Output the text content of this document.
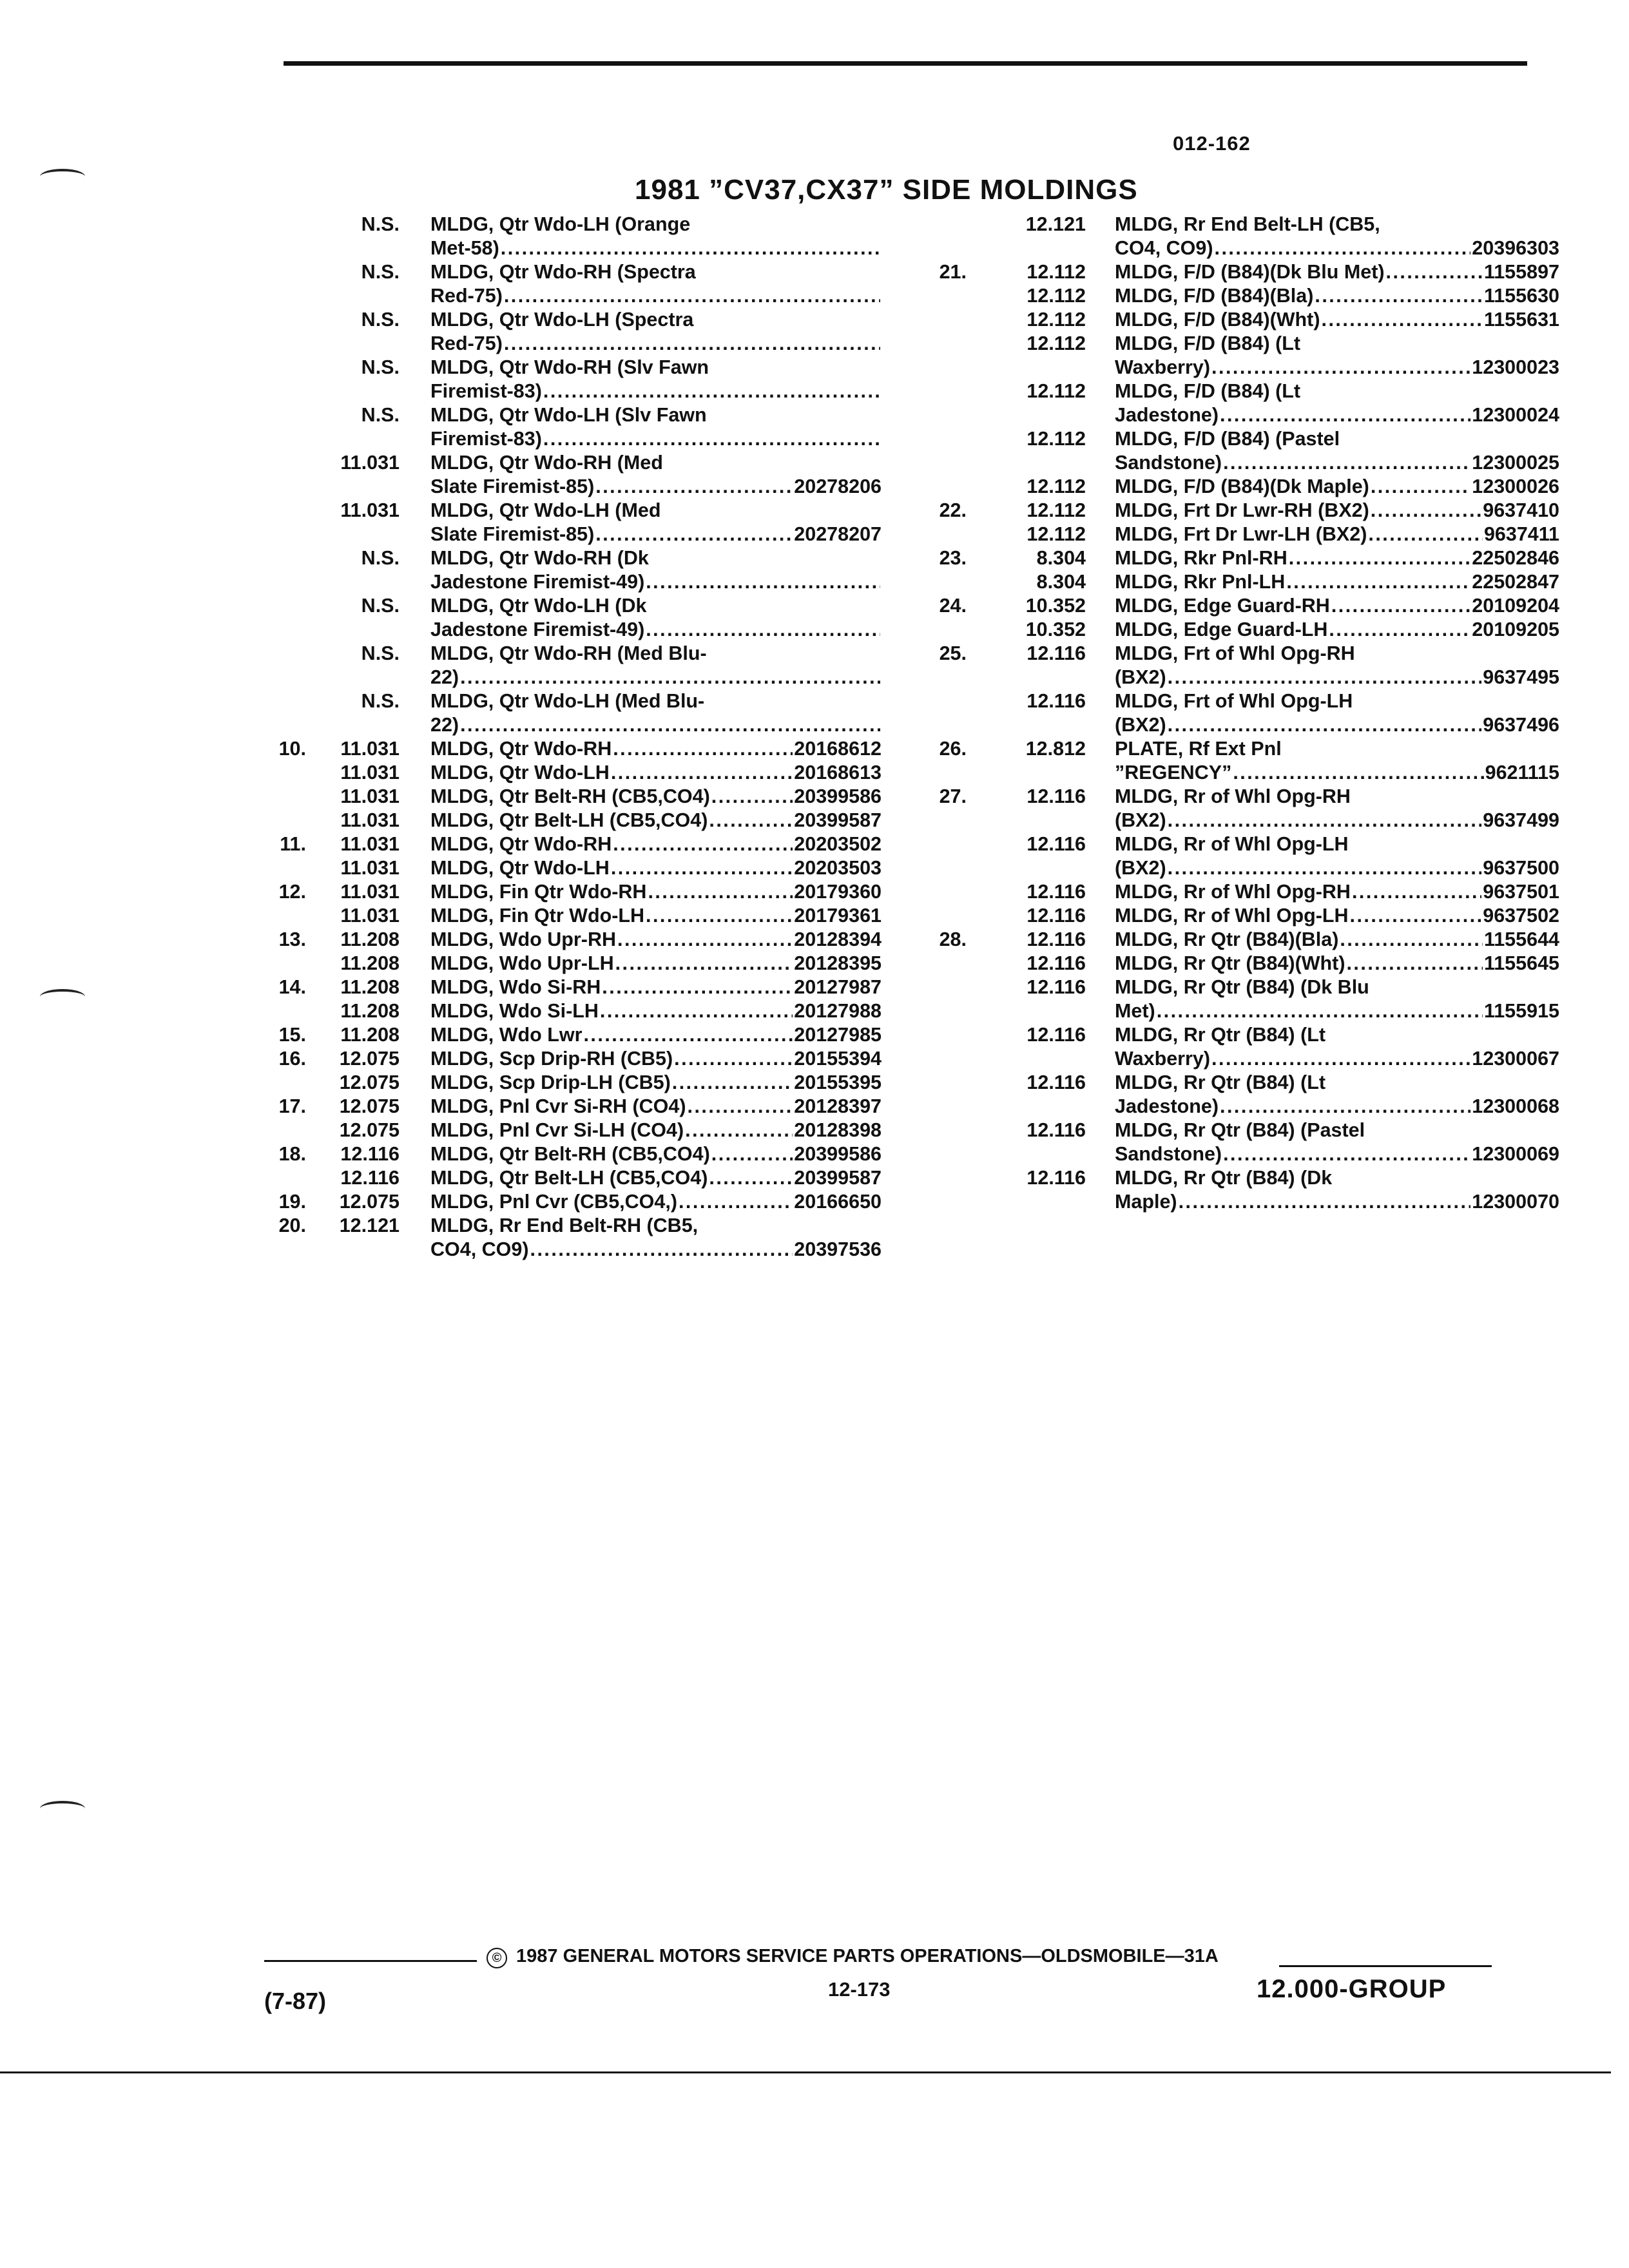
012-162
1981 ”CV37,CX37” SIDE MOLDINGS
N.S. MLDG, Qtr Wdo-LH (Orange
Met-58)
. . .
N.S. MLDG, Qtr Wdo-RH (Spectra
Red-75)
. . .
N.S. MLDG, Qtr Wdo-LH (Spectra
Red-75)
. . .
N.S. MLDG, Qtr Wdo-RH (Slv Fawn
Firemist-83)
. . .
N.S. MLDG, Qtr Wdo-LH (Slv Fawn
Firemist-83)
. . .
11.031 MLDG, Qtr Wdo-RH (Med
Slate Firemist-85) . . .	20278206
11.031 MLDG, Qtr Wdo-LH (Med
Slate Firemist-85) . . .	20278207
N.S. MLDG, Qtr Wdo-RH (Dk
Jadestone Firemist-49)
. . .
N.S. MLDG, Qtr Wdo-LH (Dk
Jadestone Firemist-49)
. . .
N.S. MLDG, Qtr Wdo-RH (Med Blu-
22)
. . .
N.S. MLDG, Qtr Wdo-LH (Med Blu-
22)
. . .
10.	11.031 MLDG, Qtr Wdo-RH . . .	20168612
11.031 MLDG, Qtr Wdo-LH . . .	20168613
11.031 MLDG, Qtr Belt-RH (CB5,CO4) . . .	20399586
11.031 MLDG, Qtr Belt-LH (CB5,CO4) . . .	20399587
11.	11.031 MLDG, Qtr Wdo-RH . . .	20203502
11.031 MLDG, Qtr Wdo-LH . . .	20203503
12.	11.031 MLDG, Fin Qtr Wdo-RH . . .	20179360
11.031 MLDG, Fin Qtr Wdo-LH . . .	20179361
13.	11.208 MLDG, Wdo Upr-RH . . .	20128394
11.208 MLDG, Wdo Upr-LH . . .	20128395
14.	11.208 MLDG, Wdo Si-RH . . .	20127987
11.208 MLDG, Wdo Si-LH . . .	20127988
15.	11.208 MLDG, Wdo Lwr . . .	20127985
16.	12.075 MLDG, Scp Drip-RH (CB5) . . .	20155394
12.075 MLDG, Scp Drip-LH (CB5) . . .	20155395
17.	12.075 MLDG, Pnl Cvr Si-RH (CO4) . . .	20128397
12.075 MLDG, Pnl Cvr Si-LH (CO4) . . .	20128398
18.	12.116 MLDG, Qtr Belt-RH (CB5,CO4) . . .	20399586
12.116 MLDG, Qtr Belt-LH (CB5,CO4) . . .	20399587
19.	12.075 MLDG, Pnl Cvr (CB5,CO4,) . . .	20166650
20.	12.121 MLDG, Rr End Belt-RH (CB5,
CO4, CO9) . . .	20397536
12.121 MLDG, Rr End Belt-LH (CB5,
CO4, CO9) . . .	20396303
21.	12.112 MLDG, F/D (B84)(Dk Blu Met) . . .	1155897
12.112 MLDG, F/D (B84)(Bla) . . .	1155630
12.112 MLDG, F/D (B84)(Wht) . . .	1155631
12.112 MLDG, F/D (B84) (Lt
Waxberry) . . .	12300023
12.112 MLDG, F/D (B84) (Lt
Jadestone) . . .	12300024
12.112 MLDG, F/D (B84) (Pastel
Sandstone) . . .	12300025
12.112 MLDG, F/D (B84)(Dk Maple) . . .	12300026
22.	12.112 MLDG, Frt Dr Lwr-RH (BX2) . . .	9637410
12.112 MLDG, Frt Dr Lwr-LH (BX2) . . .	9637411
23.	8.304 MLDG, Rkr Pnl-RH . . .	22502846
8.304 MLDG, Rkr Pnl-LH . . .	22502847
24.	10.352 MLDG, Edge Guard-RH . . .	20109204
10.352 MLDG, Edge Guard-LH . . .	20109205
25.	12.116 MLDG, Frt of Whl Opg-RH
(BX2) . . .	9637495
12.116 MLDG, Frt of Whl Opg-LH
(BX2) . . .	9637496
26.	12.812 PLATE, Rf Ext Pnl
”REGENCY” . . .	9621115
27.	12.116 MLDG, Rr of Whl Opg-RH
(BX2) . . .	9637499
12.116 MLDG, Rr of Whl Opg-LH
(BX2) . . .	9637500
12.116 MLDG, Rr of Whl Opg-RH . . .	9637501
12.116 MLDG, Rr of Whl Opg-LH . . .	9637502
28.	12.116 MLDG, Rr Qtr (B84)(Bla) . . .	1155644
12.116 MLDG, Rr Qtr (B84)(Wht) . . .	1155645
12.116 MLDG, Rr Qtr (B84) (Dk Blu
Met) . . .	1155915
12.116 MLDG, Rr Qtr (B84) (Lt
Waxberry) . . .	12300067
12.116 MLDG, Rr Qtr (B84) (Lt
Jadestone) . . .	12300068
12.116 MLDG, Rr Qtr (B84) (Pastel
Sandstone) . . .	12300069
12.116 MLDG, Rr Qtr (B84) (Dk
Maple) . . .	12300070
(7-87)
© 1987 GENERAL MOTORS SERVICE PARTS OPERATIONS—OLDSMOBILE—31A
12-173	12.000-GROUP
